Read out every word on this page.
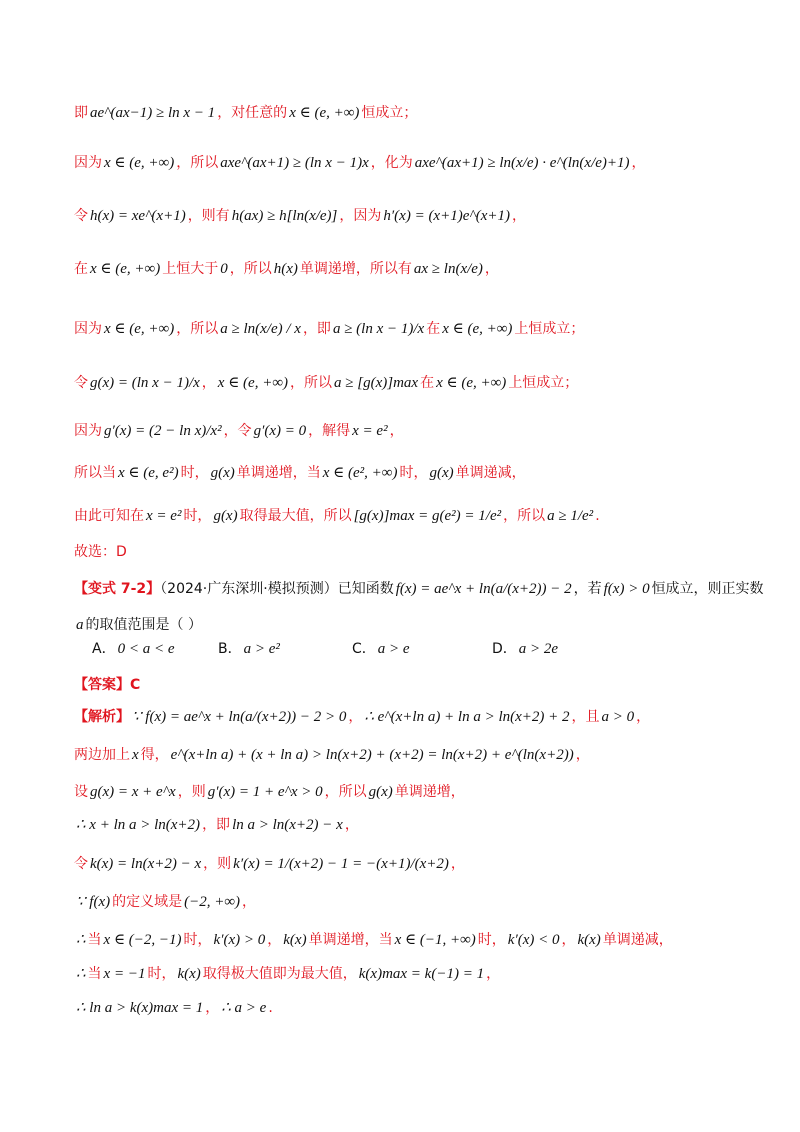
即 ae^(ax−1) ≥ ln x − 1 ，对任意的 x ∈ (e, +∞) 恒成立；
因为 x ∈ (e, +∞) ，所以 axe^(ax+1) ≥ (ln x − 1)x ，化为 axe^(ax+1) ≥ ln(x/e) · e^(ln(x/e)+1) ，
令 h(x) = xe^(x+1) ，则有 h(ax) ≥ h[ln(x/e)] ，因为 h′(x) = (x+1)e^(x+1) ，
在 x ∈ (e, +∞) 上恒大于 0 ，所以 h(x) 单调递增，所以有 ax ≥ ln(x/e) ，
因为 x ∈ (e, +∞) ，所以 a ≥ ln(x/e) / x ，即 a ≥ (ln x − 1)/x 在 x ∈ (e, +∞) 上恒成立；
令 g(x) = (ln x − 1)/x ， x ∈ (e, +∞) ，所以 a ≥ [g(x)]max 在 x ∈ (e, +∞) 上恒成立；
因为 g′(x) = (2 − ln x)/x² ，令 g′(x) = 0 ，解得 x = e² ，
所以当 x ∈ (e, e²) 时， g(x) 单调递增，当 x ∈ (e², +∞) 时， g(x) 单调递减，
由此可知在 x = e² 时， g(x) 取得最大值，所以 [g(x)]max = g(e²) = 1/e² ，所以 a ≥ 1/e² .
故选：D
【变式 7-2】（2024·广东深圳·模拟预测）已知函数 f(x) = ae^x + ln(a/(x+2)) − 2 ，若 f(x) > 0 恒成立，则正实数
a 的取值范围是（ ）
【答案】C
【解析】 ∵ f(x) = ae^x + ln(a/(x+2)) − 2 > 0 ， ∴ e^(x+ln a) + ln a > ln(x+2) + 2 ，且 a > 0 ，
两边加上 x 得， e^(x+ln a) + (x + ln a) > ln(x+2) + (x+2) = ln(x+2) + e^(ln(x+2)) ，
设 g(x) = x + e^x ，则 g′(x) = 1 + e^x > 0 ，所以 g(x) 单调递增，
∴ x + ln a > ln(x+2) ，即 ln a > ln(x+2) − x ，
令 k(x) = ln(x+2) − x ，则 k′(x) = 1/(x+2) − 1 = −(x+1)/(x+2) ，
∵ f(x) 的定义域是 (−2, +∞) ，
∴ 当 x ∈ (−2, −1) 时， k′(x) > 0 ， k(x) 单调递增，当 x ∈ (−1, +∞) 时， k′(x) < 0 ， k(x) 单调递减，
∴ 当 x = −1 时， k(x) 取得极大值即为最大值， k(x)max = k(−1) = 1 ，
∴ ln a > k(x)max = 1 ， ∴ a > e .
A． 0 < a < e	B． a > e²	C． a > e	D． a > 2e
